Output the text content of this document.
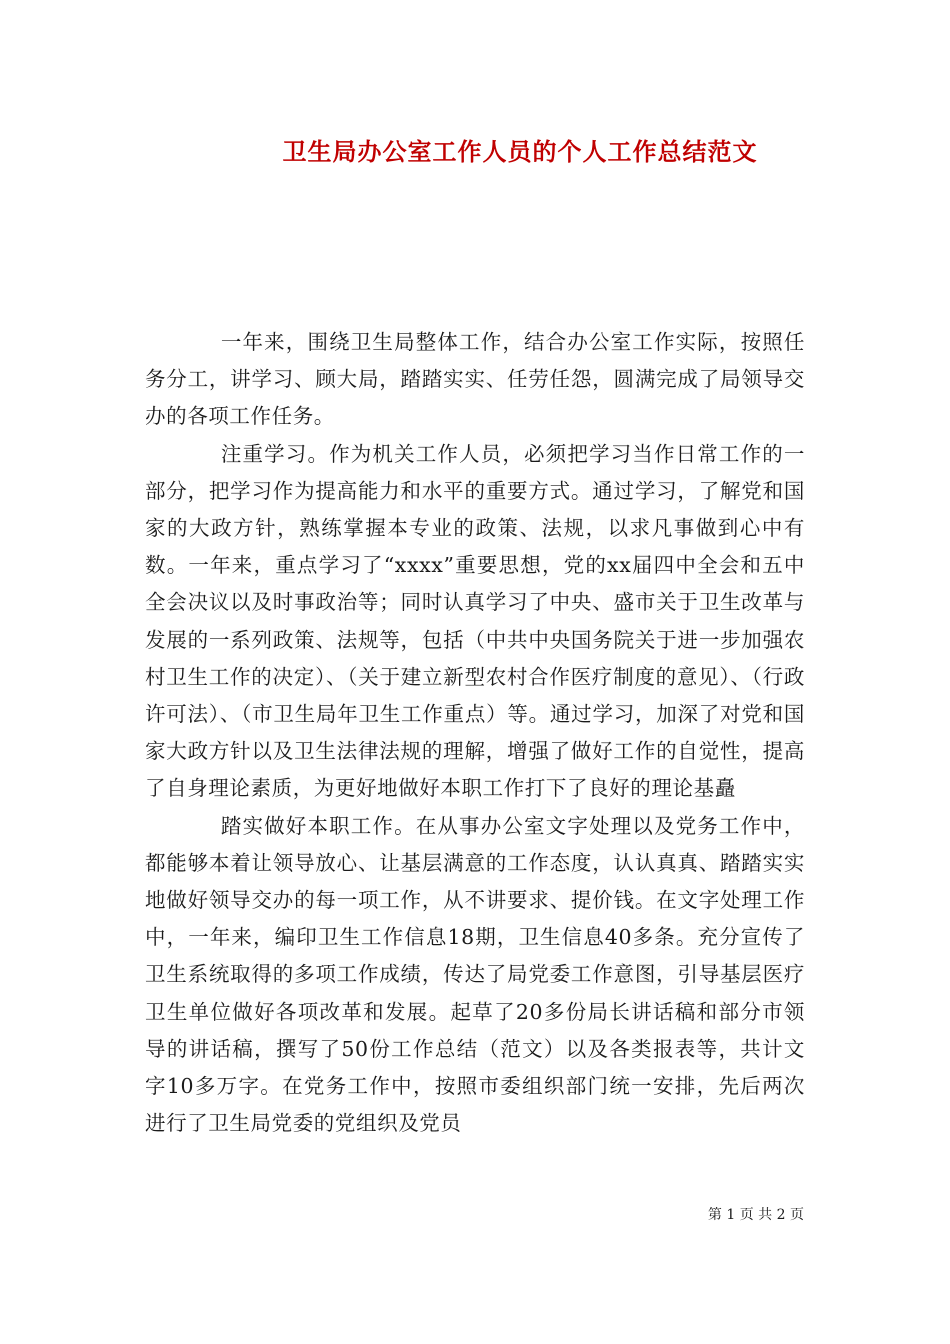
卫生局办公室工作人员的个人工作总结范文

一年来，围绕卫生局整体工作，结合办公室工作实际，按照任务分工，讲学习、顾大局，踏踏实实、任劳任怨，圆满完成了局领导交办的各项工作任务。

注重学习。作为机关工作人员，必须把学习当作日常工作的一部分，把学习作为提高能力和水平的重要方式。通过学习，了解党和国家的大政方针，熟练掌握本专业的政策、法规，以求凡事做到心中有数。一年来，重点学习了“xxxx”重要思想，党的xx届四中全会和五中全会决议以及时事政治等；同时认真学习了中央、盛市关于卫生改革与发展的一系列政策、法规等，包括（中共中央国务院关于进一步加强农村卫生工作的决定）、（关于建立新型农村合作医疗制度的意见）、（行政许可法）、（市卫生局年卫生工作重点）等。通过学习，加深了对党和国家大政方针以及卫生法律法规的理解，增强了做好工作的自觉性，提高了自身理论素质，为更好地做好本职工作打下了良好的理论基矗

踏实做好本职工作。在从事办公室文字处理以及党务工作中，都能够本着让领导放心、让基层满意的工作态度，认认真真、踏踏实实地做好领导交办的每一项工作，从不讲要求、提价钱。在文字处理工作中，一年来，编印卫生工作信息18期，卫生信息40多条。充分宣传了卫生系统取得的多项工作成绩，传达了局党委工作意图，引导基层医疗卫生单位做好各项改革和发展。起草了20多份局长讲话稿和部分市领导的讲话稿，撰写了50份工作总结（范文）以及各类报表等，共计文字10多万字。在党务工作中，按照市委组织部门统一安排，先后两次进行了卫生局党委的党组织及党员

第 1 页 共 2 页
